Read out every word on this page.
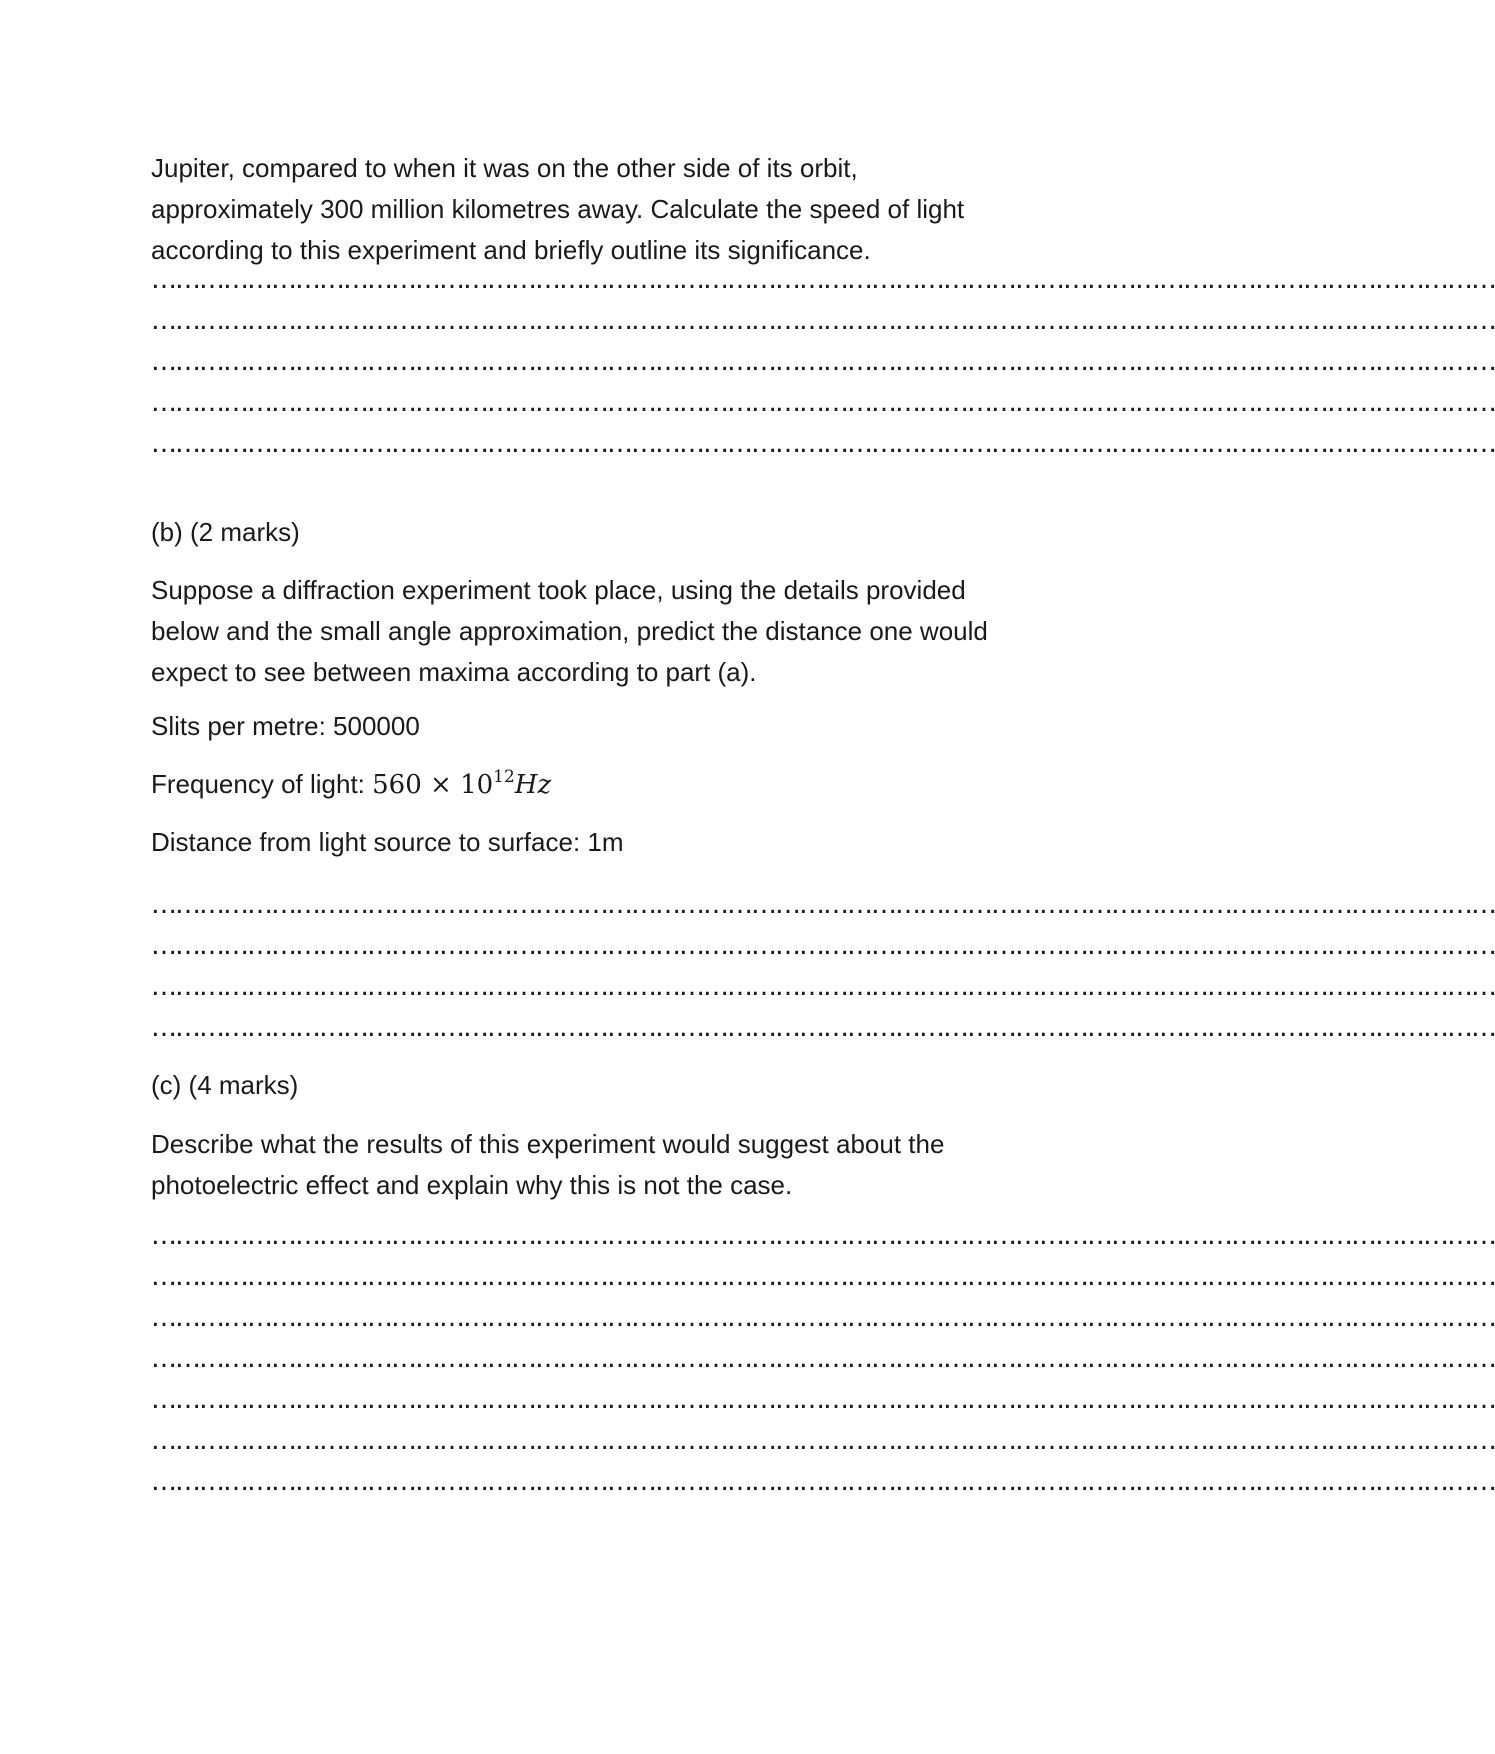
Jupiter, compared to when it was on the other side of its orbit,
approximately 300 million kilometres away. Calculate the speed of light
according to this experiment and briefly outline its significance.
……………………………………………………………………………………………………………………………………………………
……………………………………………………………………………………………………………………………………………………
……………………………………………………………………………………………………………………………………………………
……………………………………………………………………………………………………………………………………………………
……………………………………………………………………………………………………………………………………………………
(b) (2 marks)
Suppose a diffraction experiment took place, using the details provided
below and the small angle approximation, predict the distance one would
expect to see between maxima according to part (a).
Slits per metre: 500000
Frequency of light: $560 \times 10^{12}Hz$
Distance from light source to surface: 1m
……………………………………………………………………………………………………………………………………………………
……………………………………………………………………………………………………………………………………………………
……………………………………………………………………………………………………………………………………………………
……………………………………………………………………………………………………………………………………………………
(c) (4 marks)
Describe what the results of this experiment would suggest about the
photoelectric effect and explain why this is not the case.
……………………………………………………………………………………………………………………………………………………
……………………………………………………………………………………………………………………………………………………
……………………………………………………………………………………………………………………………………………………
……………………………………………………………………………………………………………………………………………………
……………………………………………………………………………………………………………………………………………………
……………………………………………………………………………………………………………………………………………………
……………………………………………………………………………………………………………………………………………………
